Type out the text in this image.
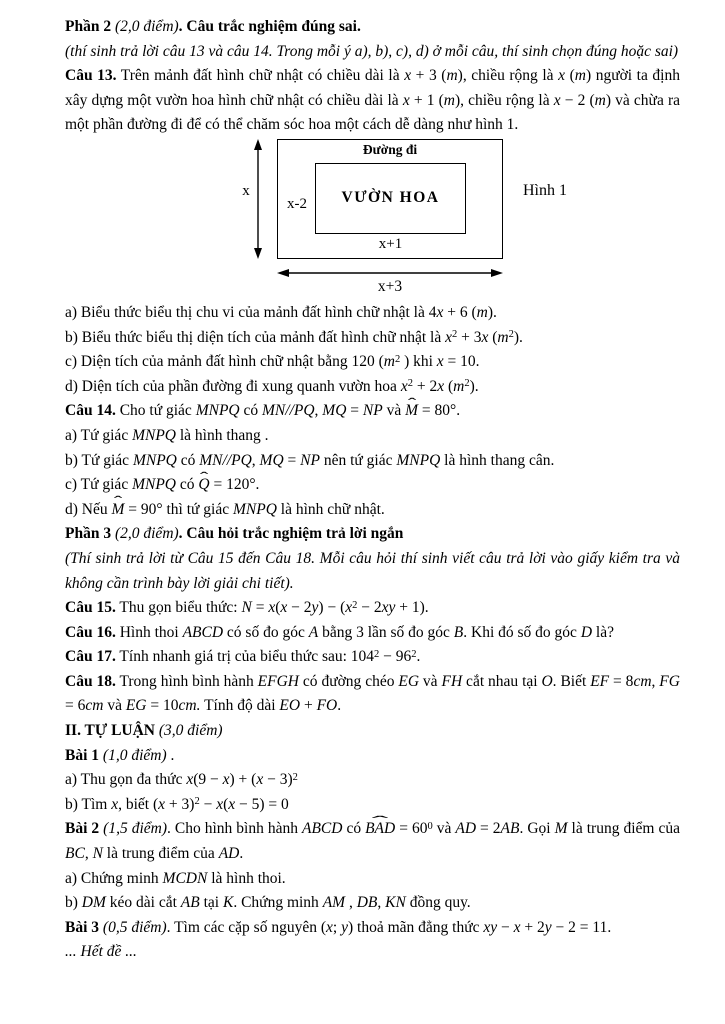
Phần 2 (2,0 điểm). Câu trắc nghiệm đúng sai.

(thí sinh trả lời câu 13 và câu 14. Trong mỗi ý a), b), c), d) ở mỗi câu, thí sinh chọn đúng hoặc sai)

Câu 13. Trên mảnh đất hình chữ nhật có chiều dài là x + 3 (m), chiều rộng là x (m) người ta định xây dựng một vườn hoa hình chữ nhật có chiều dài là x + 1 (m), chiều rộng là x − 2 (m) và chừa ra một phần đường đi để có thể chăm sóc hoa một cách dễ dàng như hình 1.

x
Đường đi
x-2 VƯỜN HOA
x+1
x+3
Hình 1

a) Biểu thức biểu thị chu vi của mảnh đất hình chữ nhật là 4x + 6 (m).

b) Biểu thức biểu thị diện tích của mảnh đất hình chữ nhật là $x^2 + 3x$ $(m^2)$.

c) Diện tích của mảnh đất hình chữ nhật bằng 120 ($m^2$ ) khi x = 10.

d) Diện tích của phần đường đi xung quanh vườn hoa $x^2 + 2x$ $(m^2)$.

Câu 14. Cho tứ giác MNPQ có MN//PQ, MQ = NP và ˆ M = 80°.

a) Tứ giác MNPQ là hình thang .

b) Tứ giác MNPQ có MN//PQ, MQ = NP nên tứ giác MNPQ là hình thang cân.

c) Tứ giác MNPQ có ˆ Q = 120°.

d) Nếu ˆ M = 90° thì tứ giác MNPQ là hình chữ nhật.

Phần 3 (2,0 điểm). Câu hỏi trắc nghiệm trả lời ngắn

(Thí sinh trả lời từ Câu 15 đến Câu 18. Mỗi câu hỏi thí sinh viết câu trả lời vào giấy kiểm tra và không cần trình bày lời giải chi tiết).

Câu 15. Thu gọn biểu thức: $N = x(x - 2y) - (x^2 - 2xy + 1)$.

Câu 16. Hình thoi ABCD có số đo góc A bằng 3 lần số đo góc B. Khi đó số đo góc D là?

Câu 17. Tính nhanh giá trị của biểu thức sau: $104^2 - 96^2$.

Câu 18. Trong hình bình hành EFGH có đường chéo EG và FH cắt nhau tại O. Biết EF = 8cm, FG = 6cm và EG = 10cm. Tính độ dài EO + FO.

II. TỰ LUẬN (3,0 điểm)

Bài 1 (1,0 điểm) .

a) Thu gọn đa thức $x(9 - x) + (x - 3)^2$

b) Tìm x, biết $(x + 3)^2 - x(x - 5) = 0$

Bài 2 (1,5 điểm). Cho hình bình hành ABCD có ˆ BAD = $60^0$ và AD = 2AB. Gọi M là trung điểm của BC, N là trung điểm của AD.

a) Chứng minh MCDN là hình thoi.

b) DM kéo dài cắt AB tại K. Chứng minh AM , DB, KN đồng quy.

Bài 3 (0,5 điểm). Tìm các cặp số nguyên (x; y) thoả mãn đẳng thức xy − x + 2y − 2 = 11.

... Hết đề ...
